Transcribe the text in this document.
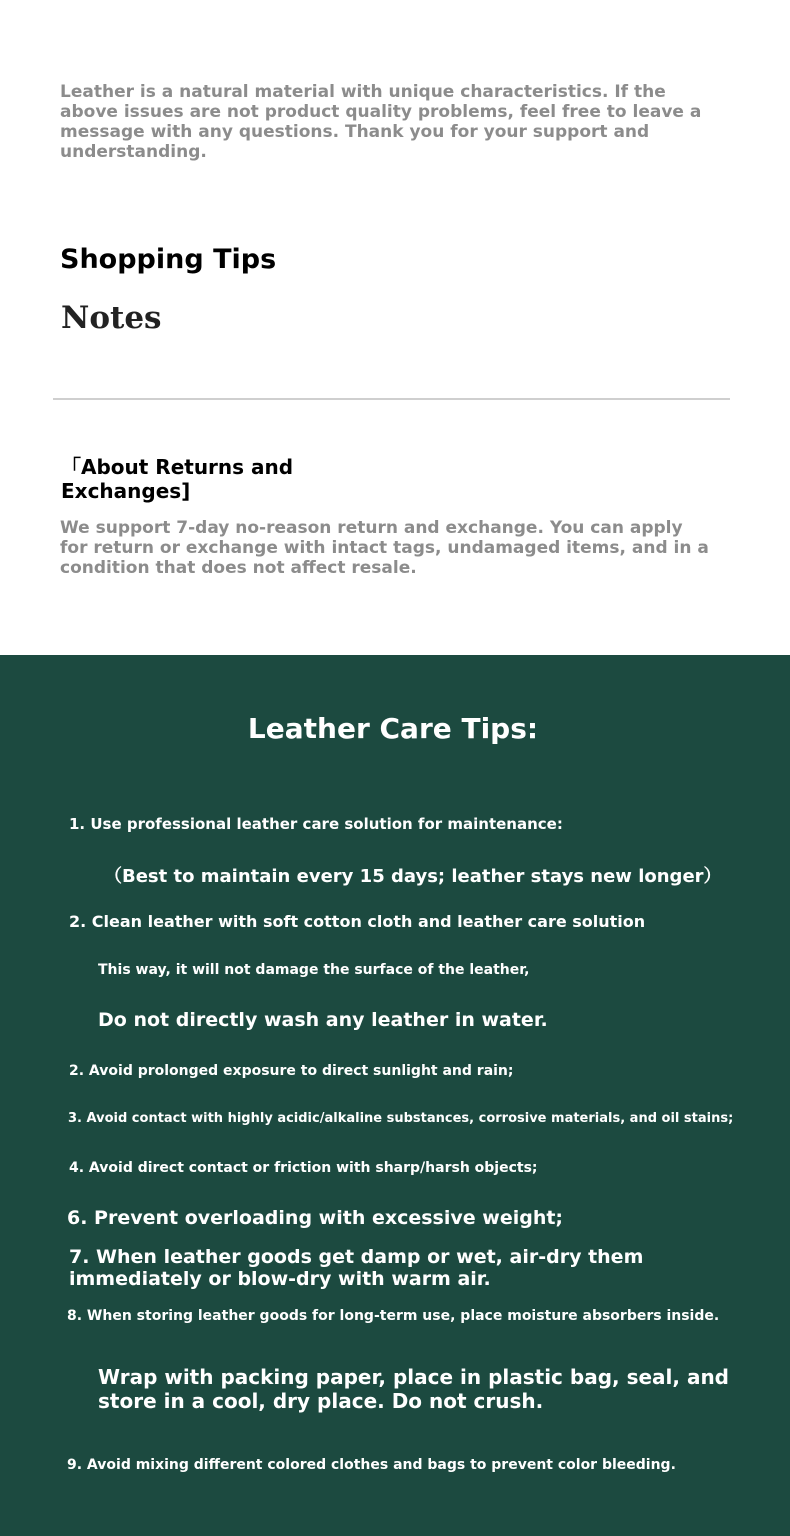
Leather is a natural material with unique characteristics. If the above issues are not product quality problems, feel free to leave a message with any questions. Thank you for your support and understanding.

Shopping Tips
Notes
「About Returns and Exchanges]

We support 7-day no-reason return and exchange. You can apply for return or exchange with intact tags, undamaged items, and in a condition that does not affect resale.

Leather Care Tips:

1. Use professional leather care solution for maintenance:

（Best to maintain every 15 days; leather stays new longer）

2. Clean leather with soft cotton cloth and leather care solution

This way, it will not damage the surface of the leather,

Do not directly wash any leather in water.

2. Avoid prolonged exposure to direct sunlight and rain;

3. Avoid contact with highly acidic/alkaline substances, corrosive materials, and oil stains;

4. Avoid direct contact or friction with sharp/harsh objects;

6. Prevent overloading with excessive weight;

7. When leather goods get damp or wet, air-dry them immediately or blow-dry with warm air.

8. When storing leather goods for long-term use, place moisture absorbers inside.

Wrap with packing paper, place in plastic bag, seal, and store in a cool, dry place. Do not crush.

9. Avoid mixing different colored clothes and bags to prevent color bleeding.
